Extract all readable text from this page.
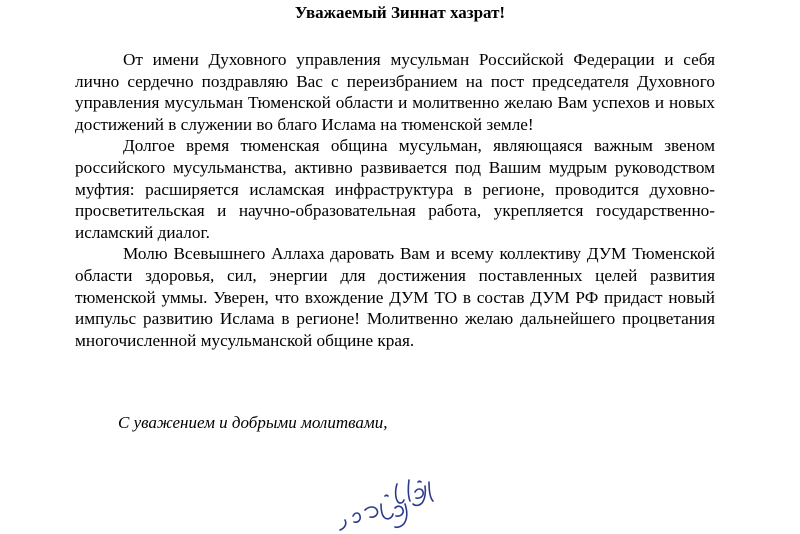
Уважаемый Зиннат хазрат!

От имени Духовного управления мусульман Российской Федерации и себя лично сердечно поздравляю Вас с переизбранием на пост председателя Духовного управления мусульман Тюменской области и молитвенно желаю Вам успехов и новых достижений в служении во благо Ислама на тюменской земле!

Долгое время тюменская община мусульман, являющаяся важным звеном российского мусульманства, активно развивается под Вашим мудрым руководством муфтия: расширяется исламская инфраструктура в регионе, проводится духовно-просветительская и научно-образовательная работа, укрепляется государственно-исламский диалог.

Молю Всевышнего Аллаха даровать Вам и всему коллективу ДУМ Тюменской области здоровья, сил, энергии для достижения поставленных целей развития тюменской уммы. Уверен, что вхождение ДУМ ТО в состав ДУМ РФ придаст новый импульс развитию Ислама в регионе! Молитвенно желаю дальнейшего процветания многочисленной мусульманской общине края.

С уважением и добрыми молитвами,
